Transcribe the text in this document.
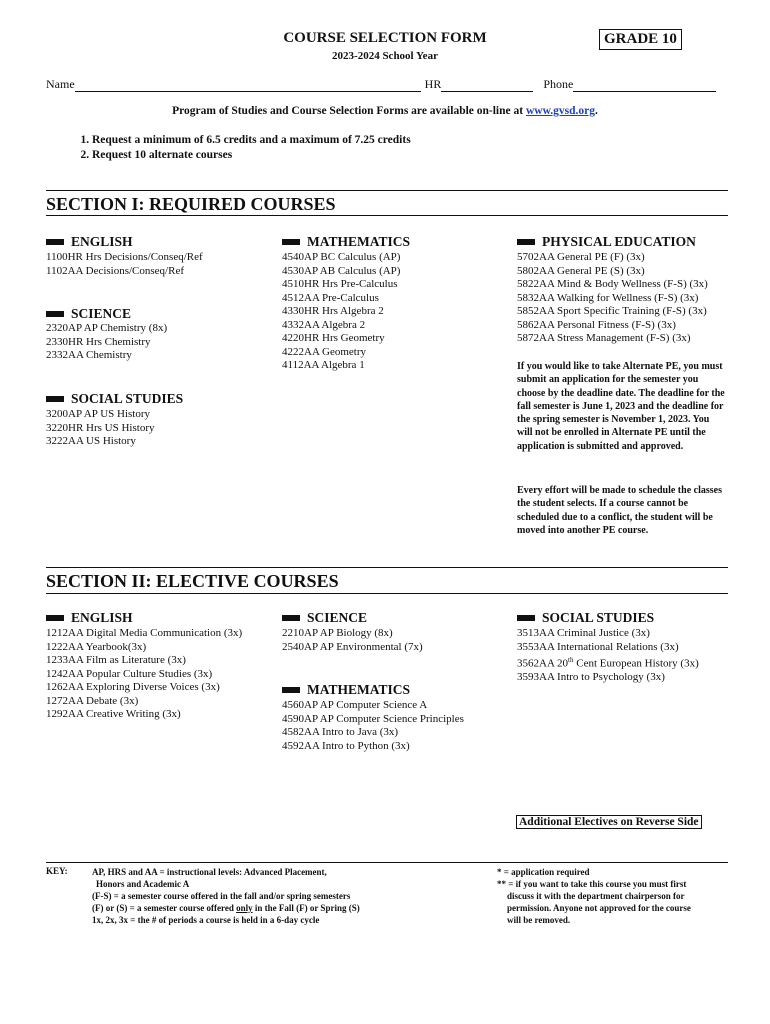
COURSE SELECTION FORM
2023-2024 School Year
GRADE 10
Name	HR	Phone
Program of Studies and Course Selection Forms are available on-line at www.gvsd.org.
1. Request a minimum of 6.5 credits and a maximum of 7.25 credits
2. Request 10 alternate courses
SECTION I: REQUIRED COURSES
ENGLISH
1100HR Hrs Decisions/Conseq/Ref
1102AA Decisions/Conseq/Ref
SCIENCE
2320AP AP Chemistry (8x)
2330HR Hrs Chemistry
2332AA Chemistry
SOCIAL STUDIES
3200AP AP US History
3220HR Hrs US History
3222AA US History
MATHEMATICS
4540AP BC Calculus (AP)
4530AP AB Calculus (AP)
4510HR Hrs Pre-Calculus
4512AA Pre-Calculus
4330HR Hrs Algebra 2
4332AA Algebra 2
4220HR Hrs Geometry
4222AA Geometry
4112AA Algebra 1
PHYSICAL EDUCATION
5702AA General PE (F) (3x)
5802AA General PE (S) (3x)
5822AA Mind & Body Wellness (F-S) (3x)
5832AA Walking for Wellness (F-S) (3x)
5852AA Sport Specific Training (F-S) (3x)
5862AA Personal Fitness (F-S) (3x)
5872AA Stress Management (F-S) (3x)
If you would like to take Alternate PE, you must submit an application for the semester you choose by the deadline date. The deadline for the fall semester is June 1, 2023 and the deadline for the spring semester is November 1, 2023. You will not be enrolled in Alternate PE until the application is submitted and approved.
Every effort will be made to schedule the classes the student selects. If a course cannot be scheduled due to a conflict, the student will be moved into another PE course.
SECTION II: ELECTIVE COURSES
ENGLISH
1212AA Digital Media Communication (3x)
1222AA Yearbook(3x)
1233AA Film as Literature (3x)
1242AA Popular Culture Studies (3x)
1262AA Exploring Diverse Voices (3x)
1272AA Debate (3x)
1292AA Creative Writing (3x)
SCIENCE
2210AP AP Biology (8x)
2540AP AP Environmental (7x)
MATHEMATICS
4560AP AP Computer Science A
4590AP AP Computer Science Principles
4582AA Intro to Java (3x)
4592AA Intro to Python (3x)
SOCIAL STUDIES
3513AA Criminal Justice (3x)
3553AA International Relations (3x)
3562AA 20th Cent European History (3x)
3593AA Intro to Psychology (3x)
Additional Electives on Reverse Side
KEY:	AP, HRS and AA = instructional levels: Advanced Placement,
Honors and Academic A
(F-S) = a semester course offered in the fall and/or spring semesters
(F) or (S) = a semester course offered only in the Fall (F) or Spring (S)
1x, 2x, 3x = the # of periods a course is held in a 6-day cycle
* = application required
** = if you want to take this course you must first
discuss it with the department chairperson for
permission. Anyone not approved for the course
will be removed.
